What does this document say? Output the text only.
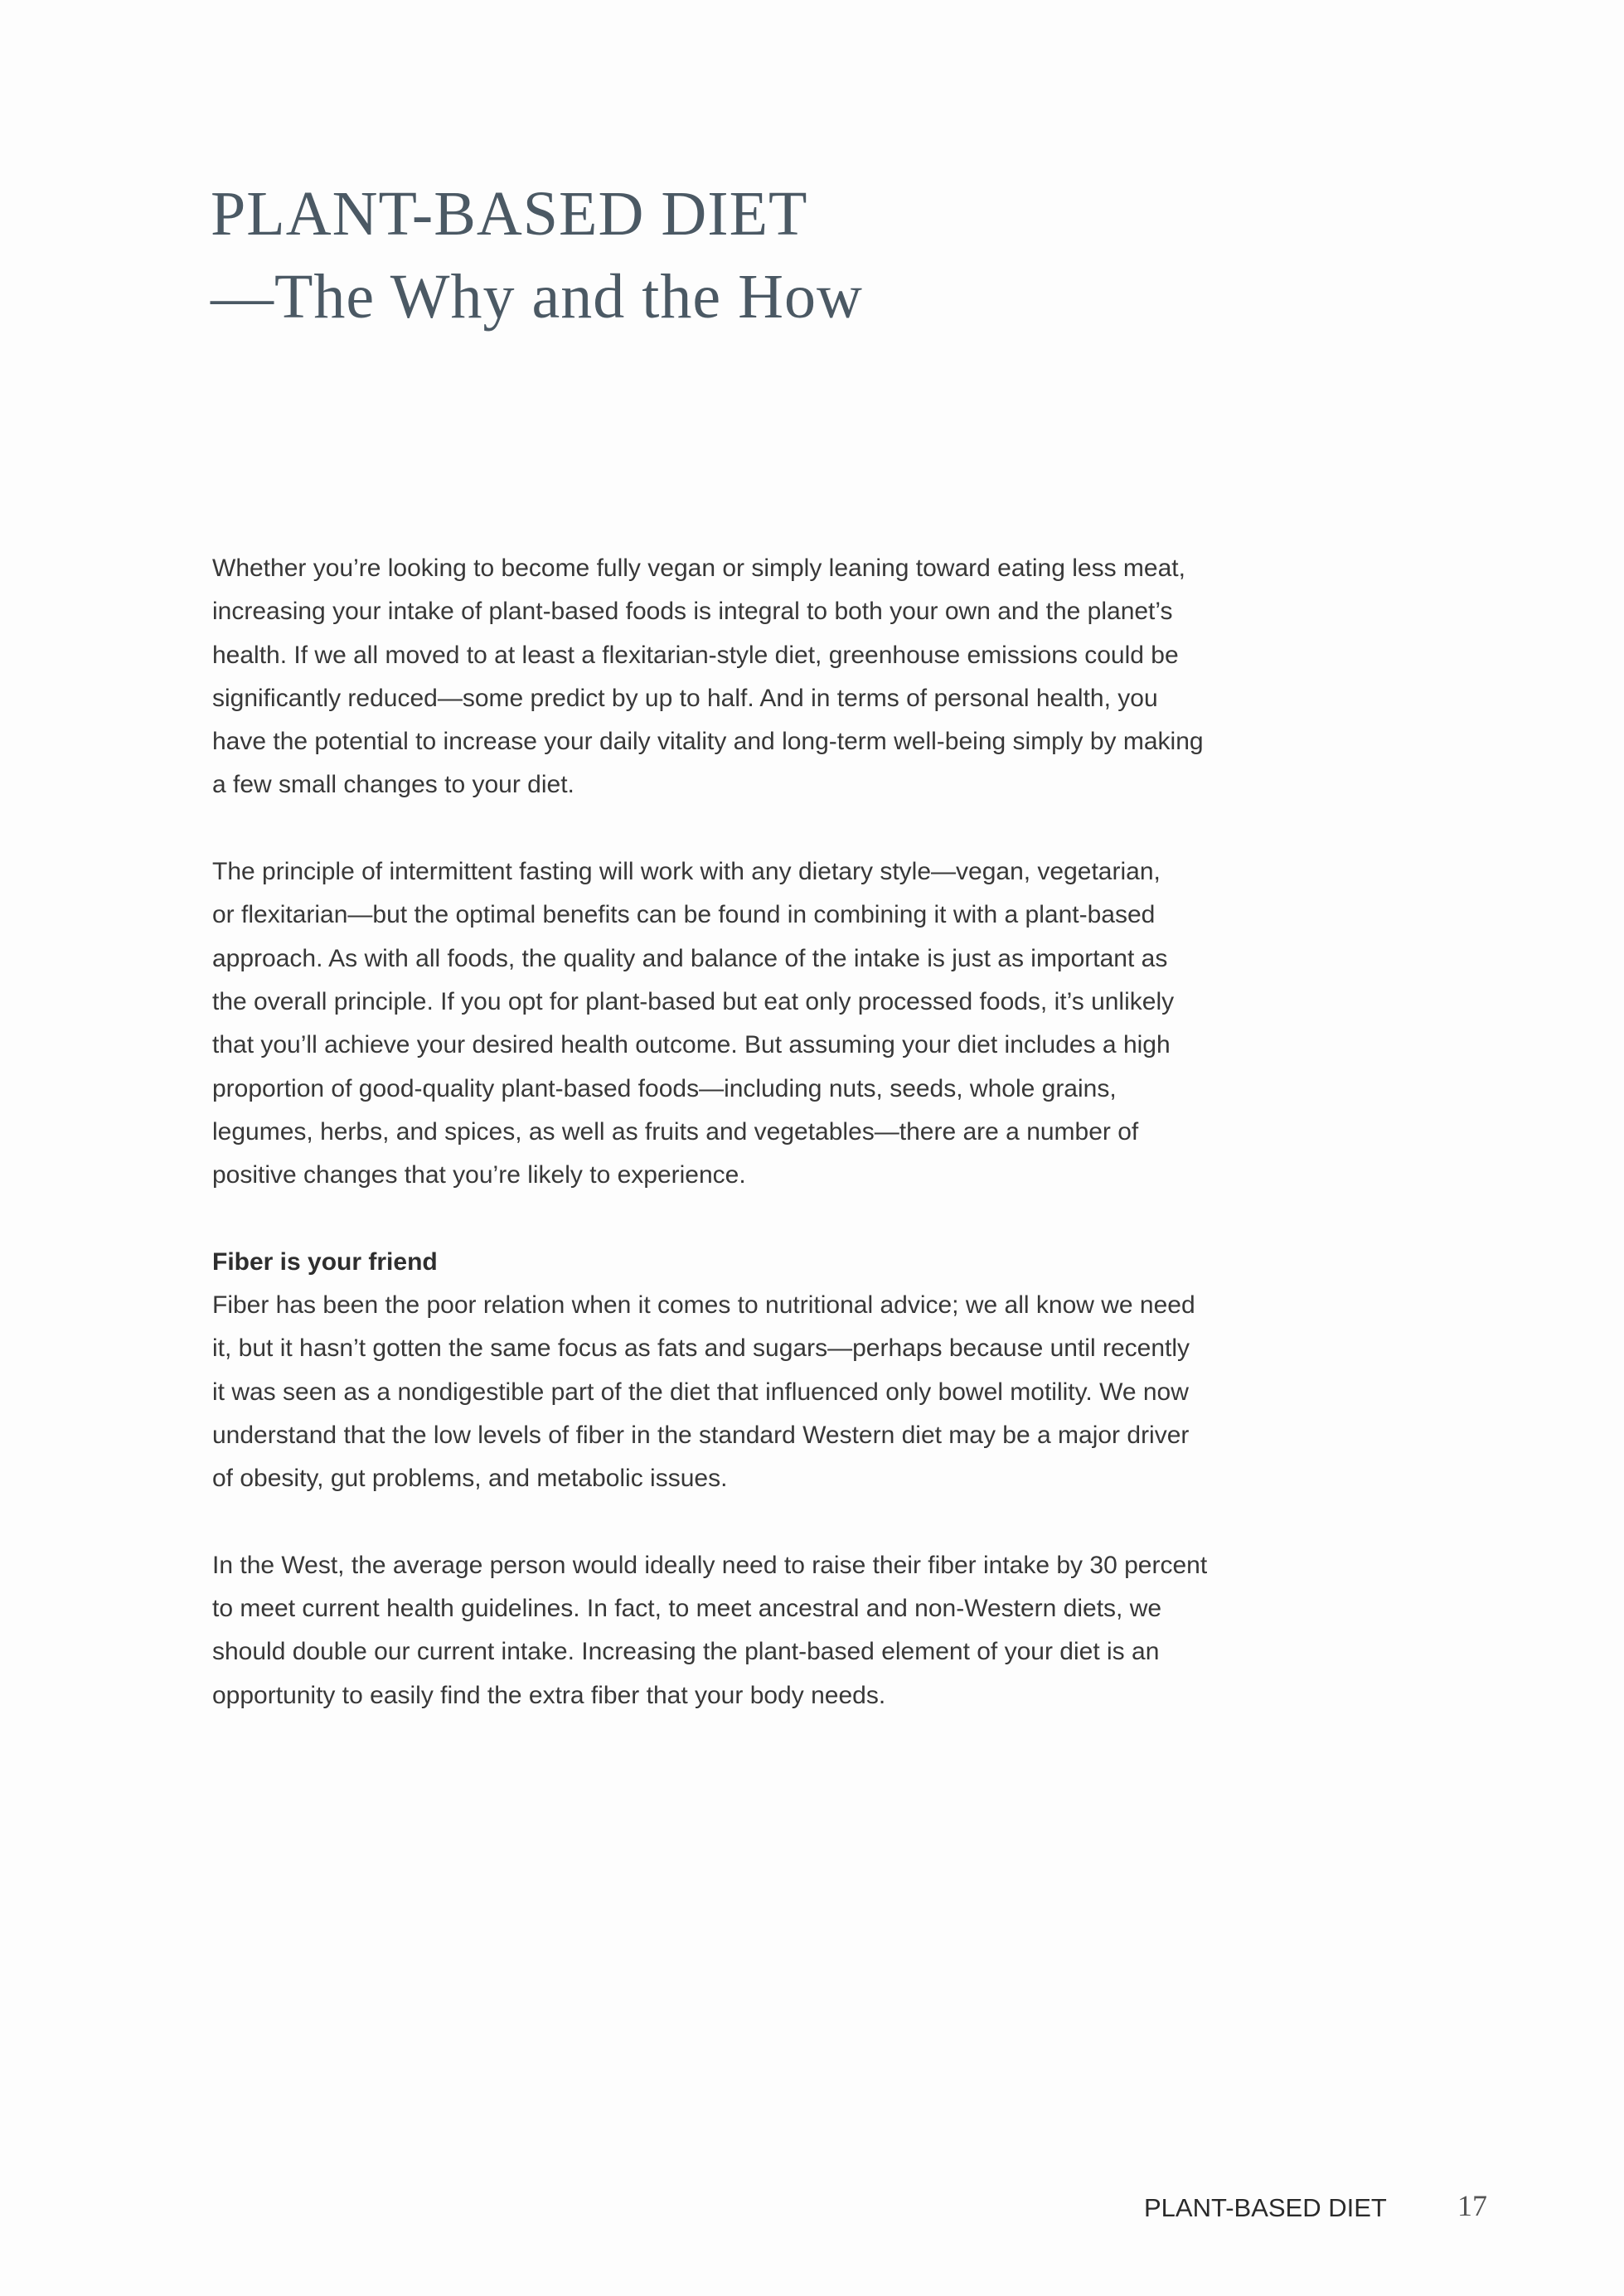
PLANT-BASED DIET
—The Why and the How

Whether you’re looking to become fully vegan or simply leaning toward eating less meat,
increasing your intake of plant-based foods is integral to both your own and the planet’s
health. If we all moved to at least a flexitarian-style diet, greenhouse emissions could be
significantly reduced—some predict by up to half. And in terms of personal health, you
have the potential to increase your daily vitality and long-term well-being simply by making
a few small changes to your diet.

The principle of intermittent fasting will work with any dietary style—vegan, vegetarian,
or flexitarian—but the optimal benefits can be found in combining it with a plant-based
approach. As with all foods, the quality and balance of the intake is just as important as
the overall principle. If you opt for plant-based but eat only processed foods, it’s unlikely
that you’ll achieve your desired health outcome. But assuming your diet includes a high
proportion of good-quality plant-based foods—including nuts, seeds, whole grains,
legumes, herbs, and spices, as well as fruits and vegetables—there are a number of
positive changes that you’re likely to experience.

Fiber is your friend
Fiber has been the poor relation when it comes to nutritional advice; we all know we need
it, but it hasn’t gotten the same focus as fats and sugars—perhaps because until recently
it was seen as a nondigestible part of the diet that influenced only bowel motility. We now
understand that the low levels of fiber in the standard Western diet may be a major driver
of obesity, gut problems, and metabolic issues.

In the West, the average person would ideally need to raise their fiber intake by 30 percent
to meet current health guidelines. In fact, to meet ancestral and non-Western diets, we
should double our current intake. Increasing the plant-based element of your diet is an
opportunity to easily find the extra fiber that your body needs.

PLANT-BASED DIET 17
